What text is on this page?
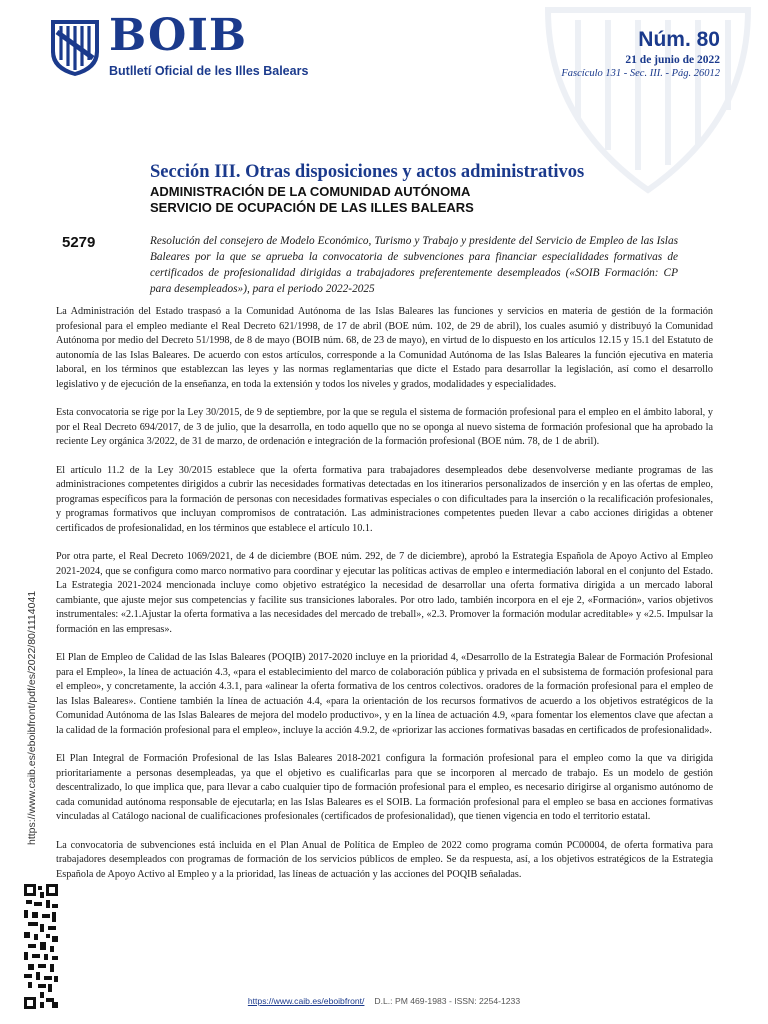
BOIB
Butlletí Oficial de les Illes Balears
Núm. 80
21 de junio de 2022
Fascículo 131 - Sec. III. - Pág. 26012
Sección III. Otras disposiciones y actos administrativos
ADMINISTRACIÓN DE LA COMUNIDAD AUTÓNOMA
SERVICIO DE OCUPACIÓN DE LAS ILLES BALEARS
5279	Resolución del consejero de Modelo Económico, Turismo y Trabajo y presidente del Servicio de Empleo de las Islas Baleares por la que se aprueba la convocatoria de subvenciones para financiar especialidades formativas de certificados de profesionalidad dirigidas a trabajadores preferentemente desempleados («SOIB Formación: CP para desempleados»), para el periodo 2022-2025

La Administración del Estado traspasó a la Comunidad Autónoma de las Islas Baleares las funciones y servicios en materia de gestión de la formación profesional para el empleo mediante el Real Decreto 621/1998, de 17 de abril (BOE núm. 102, de 29 de abril), los cuales asumió y distribuyó la Comunidad Autónoma por medio del Decreto 51/1998, de 8 de mayo (BOIB núm. 68, de 23 de mayo), en virtud de lo dispuesto en los artículos 12.15 y 15.1 del Estatuto de autonomía de las Islas Baleares. De acuerdo con estos artículos, corresponde a la Comunidad Autónoma de las Islas Baleares la función ejecutiva en materia laboral, en los términos que establezcan las leyes y las normas reglamentarias que dicte el Estado para desarrollar la legislación, así como el desarrollo legislativo y de ejecución de la enseñanza, en toda la extensión y todos los niveles y grados, modalidades y especialidades.

Esta convocatoria se rige por la Ley 30/2015, de 9 de septiembre, por la que se regula el sistema de formación profesional para el empleo en el ámbito laboral, y por el Real Decreto 694/2017, de 3 de julio, que la desarrolla, en todo aquello que no se oponga al nuevo sistema de formación profesional que ha aprobado la reciente Ley orgánica 3/2022, de 31 de marzo, de ordenación e integración de la formación profesional (BOE núm. 78, de 1 de abril).

El artículo 11.2 de la Ley 30/2015 establece que la oferta formativa para trabajadores desempleados debe desenvolverse mediante programas de las administraciones competentes dirigidos a cubrir las necesidades formativas detectadas en los itinerarios personalizados de inserción y en las ofertas de empleo, programas específicos para la formación de personas con necesidades formativas especiales o con dificultades para la inserción o la recalificación profesionales, y programas formativos que incluyan compromisos de contratación. Las administraciones competentes pueden llevar a cabo acciones dirigidas a obtener certificados de profesionalidad, en los términos que establece el artículo 10.1.

Por otra parte, el Real Decreto 1069/2021, de 4 de diciembre (BOE núm. 292, de 7 de diciembre), aprobó la Estrategia Española de Apoyo Activo al Empleo 2021-2024, que se configura como marco normativo para coordinar y ejecutar las políticas activas de empleo e intermediación laboral en el conjunto del Estado. La Estrategia 2021-2024 mencionada incluye como objetivo estratégico la necesidad de desarrollar una oferta formativa dirigida a un mercado laboral cambiante, que ajuste mejor sus competencias y facilite sus transiciones laborales. Por otro lado, también incorpora en el eje 2, «Formación», varios objetivos instrumentales: «2.1.Ajustar la oferta formativa a las necesidades del mercado de treball», «2.3. Promover la formación modular acreditable» y «2.5. Impulsar la formación en las empresas».

El Plan de Empleo de Calidad de las Islas Baleares (POQIB) 2017-2020 incluye en la prioridad 4, «Desarrollo de la Estrategia Balear de Formación Profesional para el Empleo», la línea de actuación 4.3, «para el establecimiento del marco de colaboración pública y privada en el subsistema de formación profesional para el empleo», y concretamente, la acción 4.3.1, para «alinear la oferta formativa de los centros colectivos. oradores de la formación profesional para el empleo de las Islas Baleares». Contiene también la línea de actuación 4.4, «para la orientación de los recursos formativos de acuerdo a los objetivos estratégicos de la Comunidad Autónoma de las Islas Baleares de mejora del modelo productivo», y en la línea de actuación 4.9, «para fomentar los elementos clave que afectan a la calidad de la formación profesional para el empleo», incluye la acción 4.9.2, de «priorizar las acciones formativas basadas en certificados de profesionalidad».

El Plan Integral de Formación Profesional de las Islas Baleares 2018-2021 configura la formación profesional para el empleo como la que va dirigida prioritariamente a personas desempleadas, ya que el objetivo es cualificarlas para que se incorporen al mercado de trabajo. Es un modelo de gestión descentralizado, lo que implica que, para llevar a cabo cualquier tipo de formación profesional para el empleo, es necesario dirigirse al organismo autónomo de cada comunidad autónoma responsable de ejecutarla; en las Islas Baleares es el SOIB. La formación profesional para el empleo se basa en acciones formativas vinculadas al Catálogo nacional de cualificaciones profesionales (certificados de profesionalidad), que tienen vigencia en todo el territorio estatal.

La convocatoria de subvenciones está incluida en el Plan Anual de Política de Empleo de 2022 como programa común PC00004, de oferta formativa para trabajadores desempleados con programas de formación de los servicios públicos de empleo. Se da respuesta, así, a los objetivos estratégicos de la Estrategia Española de Apoyo Activo al Empleo y a la prioridad, las líneas de actuación y las acciones del POQIB señaladas.

https://www.caib.es/eboibfront/pdf/es/2022/80/1114041
https://www.caib.es/eboibfront/ D.L.: PM 469-1983 - ISSN: 2254-1233
